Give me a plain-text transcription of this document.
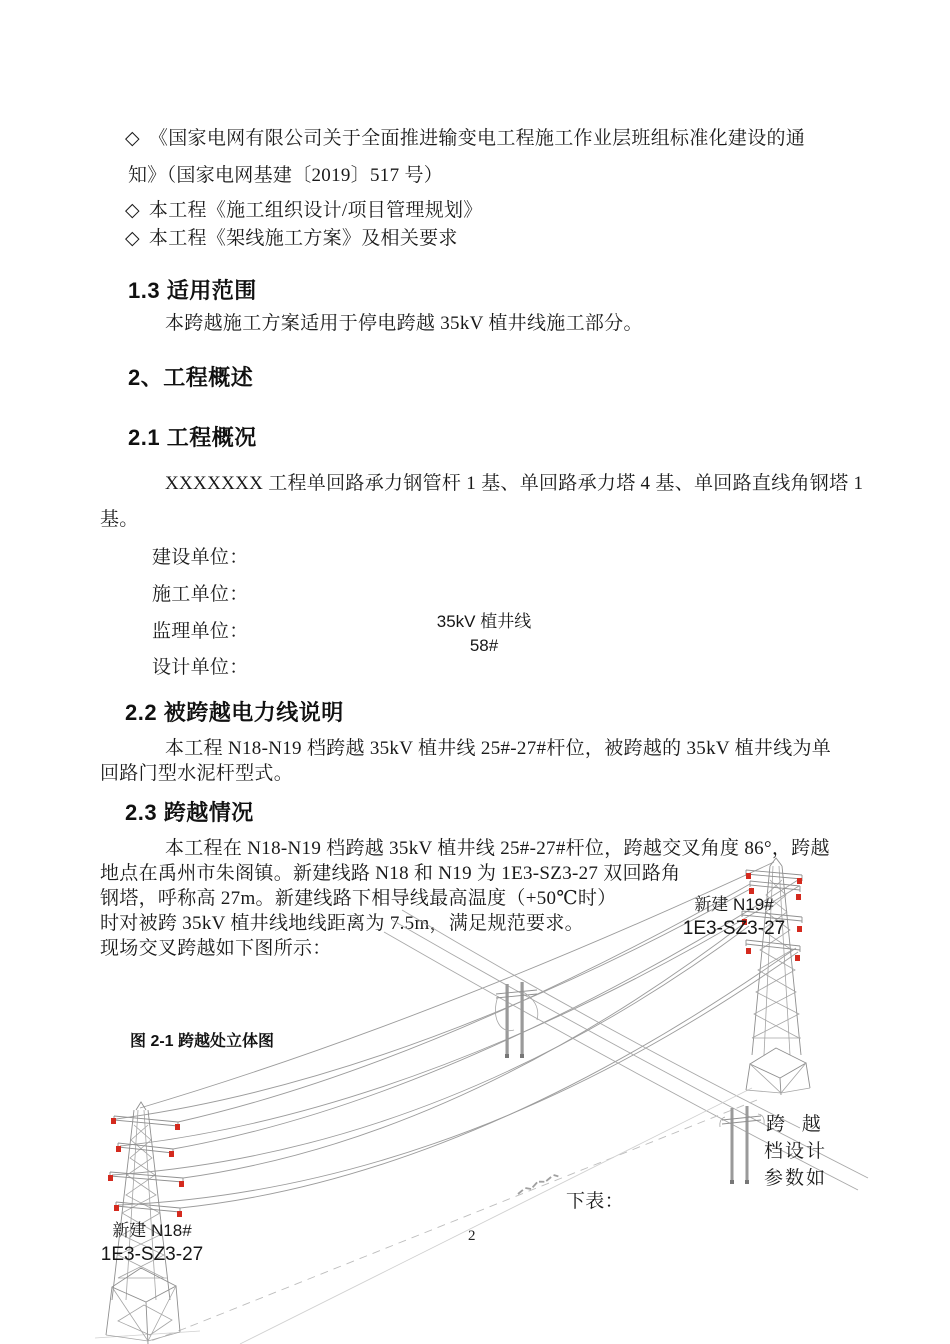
◇ 《国家电网有限公司关于全面推进输变电工程施工作业层班组标准化建设的通
知》（国家电网基建〔2019〕517 号）
◇ 本工程《施工组织设计/项目管理规划》
◇ 本工程《架线施工方案》及相关要求
1.3 适用范围
本跨越施工方案适用于停电跨越 35kV 植井线施工部分。
2、工程概述
2.1 工程概况
XXXXXXX 工程单回路承力钢管杆 1 基、单回路承力塔 4 基、单回路直线角钢塔 1
基。
建设单位：
施工单位：
监理单位：
设计单位：
35kV 植井线
58#
2.2 被跨越电力线说明
本工程 N18-N19 档跨越 35kV 植井线 25#-27#杆位，被跨越的 35kV 植井线为单
回路门型水泥杆型式。
2.3 跨越情况
本工程在 N18-N19 档跨越 35kV 植井线 25#-27#杆位，跨越交叉角度 86°，跨越
地点在禹州市朱阁镇。新建线路 N18 和 N19 为 1E3-SZ3-27 双回路角
钢塔，呼称高 27m。新建线路下相导线最高温度（+50℃时）
时对被跨 35kV 植井线地线距离为 7.5m，满足规范要求。
现场交叉跨越如下图所示：
图 2-1 跨越处立体图
新建 N19#
1E3-SZ3-27
新建 N18#
1E3-SZ3-27
跨 越
档设计
参数如
下表：
2
